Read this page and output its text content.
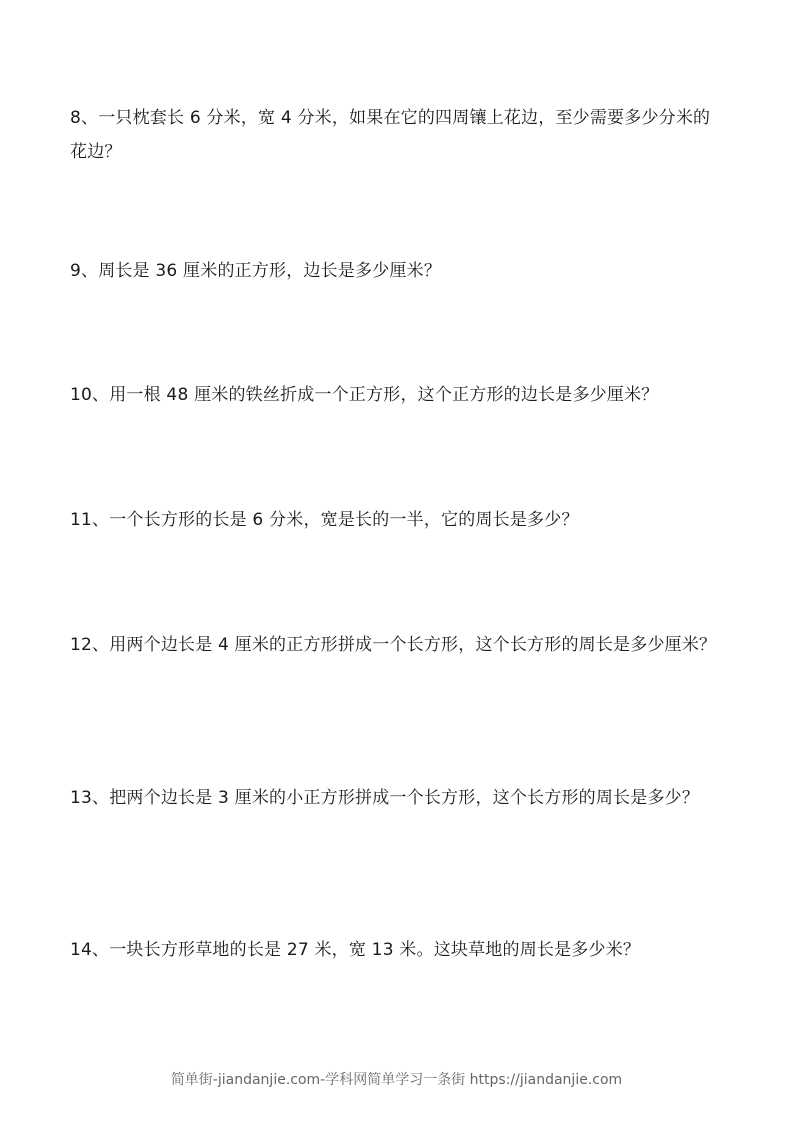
8、一只枕套长 6 分米，宽 4 分米，如果在它的四周镶上花边，至少需要多少分米的花边？

9、周长是 36 厘米的正方形，边长是多少厘米？

10、用一根 48 厘米的铁丝折成一个正方形，这个正方形的边长是多少厘米？

11、一个长方形的长是 6 分米，宽是长的一半，它的周长是多少？

12、用两个边长是 4 厘米的正方形拼成一个长方形，这个长方形的周长是多少厘米？

13、把两个边长是 3 厘米的小正方形拼成一个长方形，这个长方形的周长是多少？

14、一块长方形草地的长是 27 米，宽 13 米。这块草地的周长是多少米？

简单街-jiandanjie.com-学科网简单学习一条街 https://jiandanjie.com
